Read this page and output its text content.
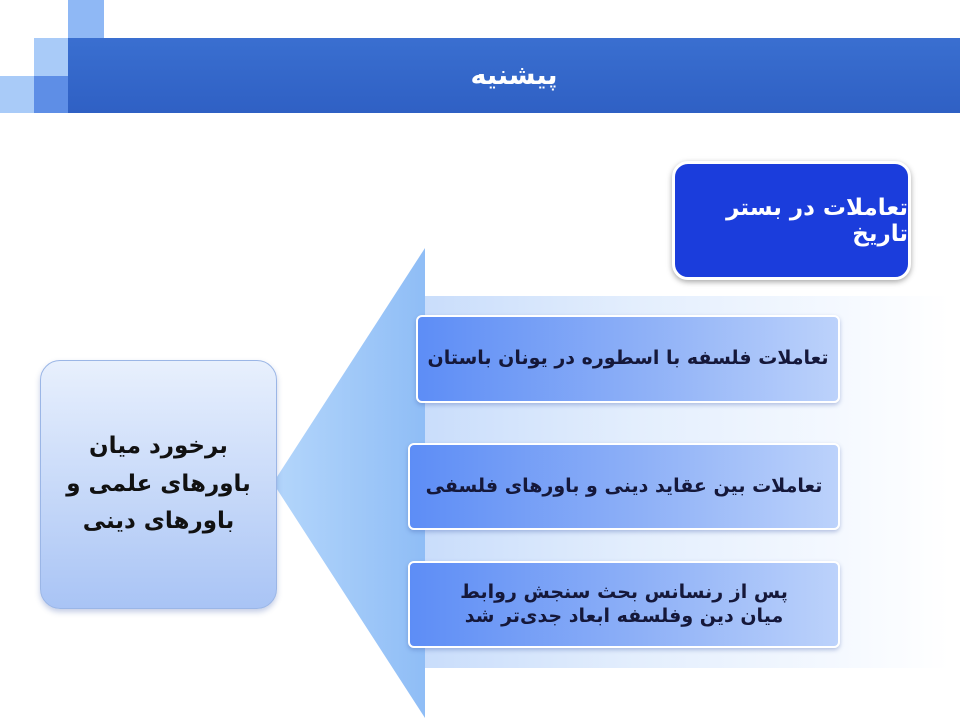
پیشنیه
تعاملات در بستر تاریخ
تعاملات فلسفه با اسطوره در یونان باستان
تعاملات بین عقاید دینی و باورهای فلسفی
پس از رنسانس بحث سنجش روابط
میان دین وفلسفه ابعاد جدی‌تر شد
برخورد میان باورهای علمی و باورهای دینی
